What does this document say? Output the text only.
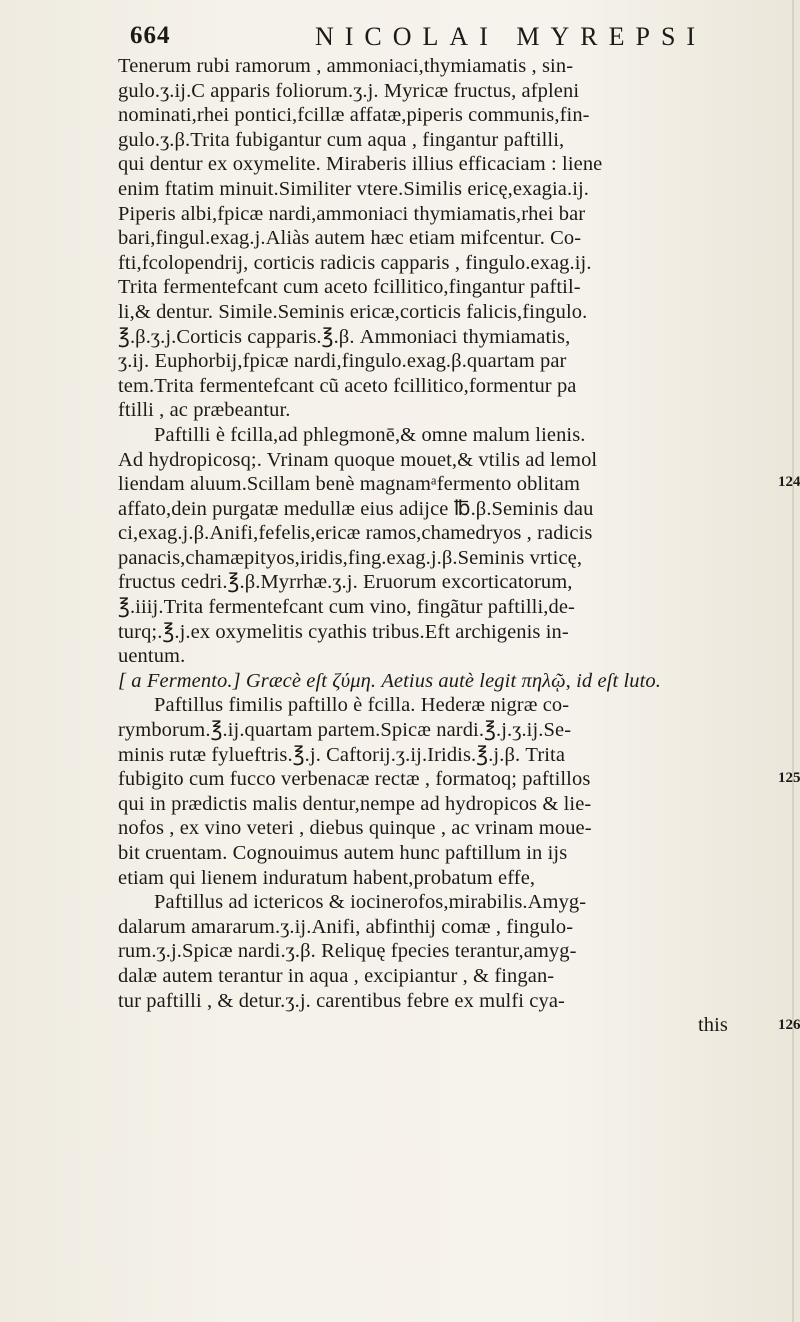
664	NICOLAI MYREPSI
Tenerum rubi ramorum , ammoniaci,thymiamatis , sin-
gulo.ʒ.ij.C apparis foliorum.ʒ.j. Myricæ fructus, afpleni
nominati,rhei pontici,fcillæ affatæ,piperis communis,fin-
gulo.ʒ.β.Trita fubigantur cum aqua , fingantur paftilli,
qui dentur ex oxymelite. Miraberis illius efficaciam : liene
enim ftatim minuit.Similiter vtere.Similis ericę,exagia.ij.
Piperis albi,fpicæ nardi,ammoniaci thymiamatis,rhei bar
bari,fingul.exag.j.Aliàs autem hæc etiam mifcentur. Co-
fti,fcolopendrij, corticis radicis capparis , fingulo.exag.ij.
Trita fermentefcant cum aceto fcillitico,fingantur paftil-
li,& dentur. Simile.Seminis ericæ,corticis falicis,fingulo.
℥.β.ʒ.j.Corticis capparis.℥.β. Ammoniaci thymiamatis,
ʒ.ij. Euphorbij,fpicæ nardi,fingulo.exag.β.quartam par
tem.Trita fermentefcant cũ aceto fcillitico,formentur pa
ftilli , ac præbeantur.
Paftilli è fcilla,ad phlegmonē,& omne malum lienis.
Ad hydropicosq;. Vrinam quoque mouet,& vtilis ad lemol
liendam aluum.Scillam benè magnamᵃfermento oblitam
affato,dein purgatæ medullæ eius adijce ℔.β.Seminis dau
ci,exag.j.β.Anifi,fefelis,ericæ ramos,chamedryos , radicis
panacis,chamæpityos,iridis,fing.exag.j.β.Seminis vrticę,
fructus cedri.℥.β.Myrrhæ.ʒ.j. Eruorum excorticatorum,
℥.iiij.Trita fermentefcant cum vino, fingãtur paftilli,de-
turq;.℥.j.ex oxymelitis cyathis tribus.Eft archigenis in-
uentum.
[ a Fermento.] Græcè eſt ζύμη. Aetius autè legit πηλῷ, id eſt luto.
Paftillus fimilis paftillo è fcilla. Hederæ nigræ co-
rymborum.℥.ij.quartam partem.Spicæ nardi.℥.j.ʒ.ij.Se-
minis rutæ fylueftris.℥.j. Caftorij.ʒ.ij.Iridis.℥.j.β. Trita
fubigito cum fucco verbenacæ rectæ , formatoq; paftillos
qui in prædictis malis dentur,nempe ad hydropicos & lie-
nofos , ex vino veteri , diebus quinque , ac vrinam moue-
bit cruentam. Cognouimus autem hunc paftillum in ijs
etiam qui lienem induratum habent,probatum effe,
Paftillus ad ictericos & iocinerofos,mirabilis.Amyg-
dalarum amararum.ʒ.ij.Anifi, abfinthij comæ , fingulo-
rum.ʒ.j.Spicæ nardi.ʒ.β. Reliquę fpecies terantur,amyg-
dalæ autem terantur in aqua , excipiantur , & fingan-
tur paftilli , & detur.ʒ.j. carentibus febre ex mulfi cya-
this
124
125
126
